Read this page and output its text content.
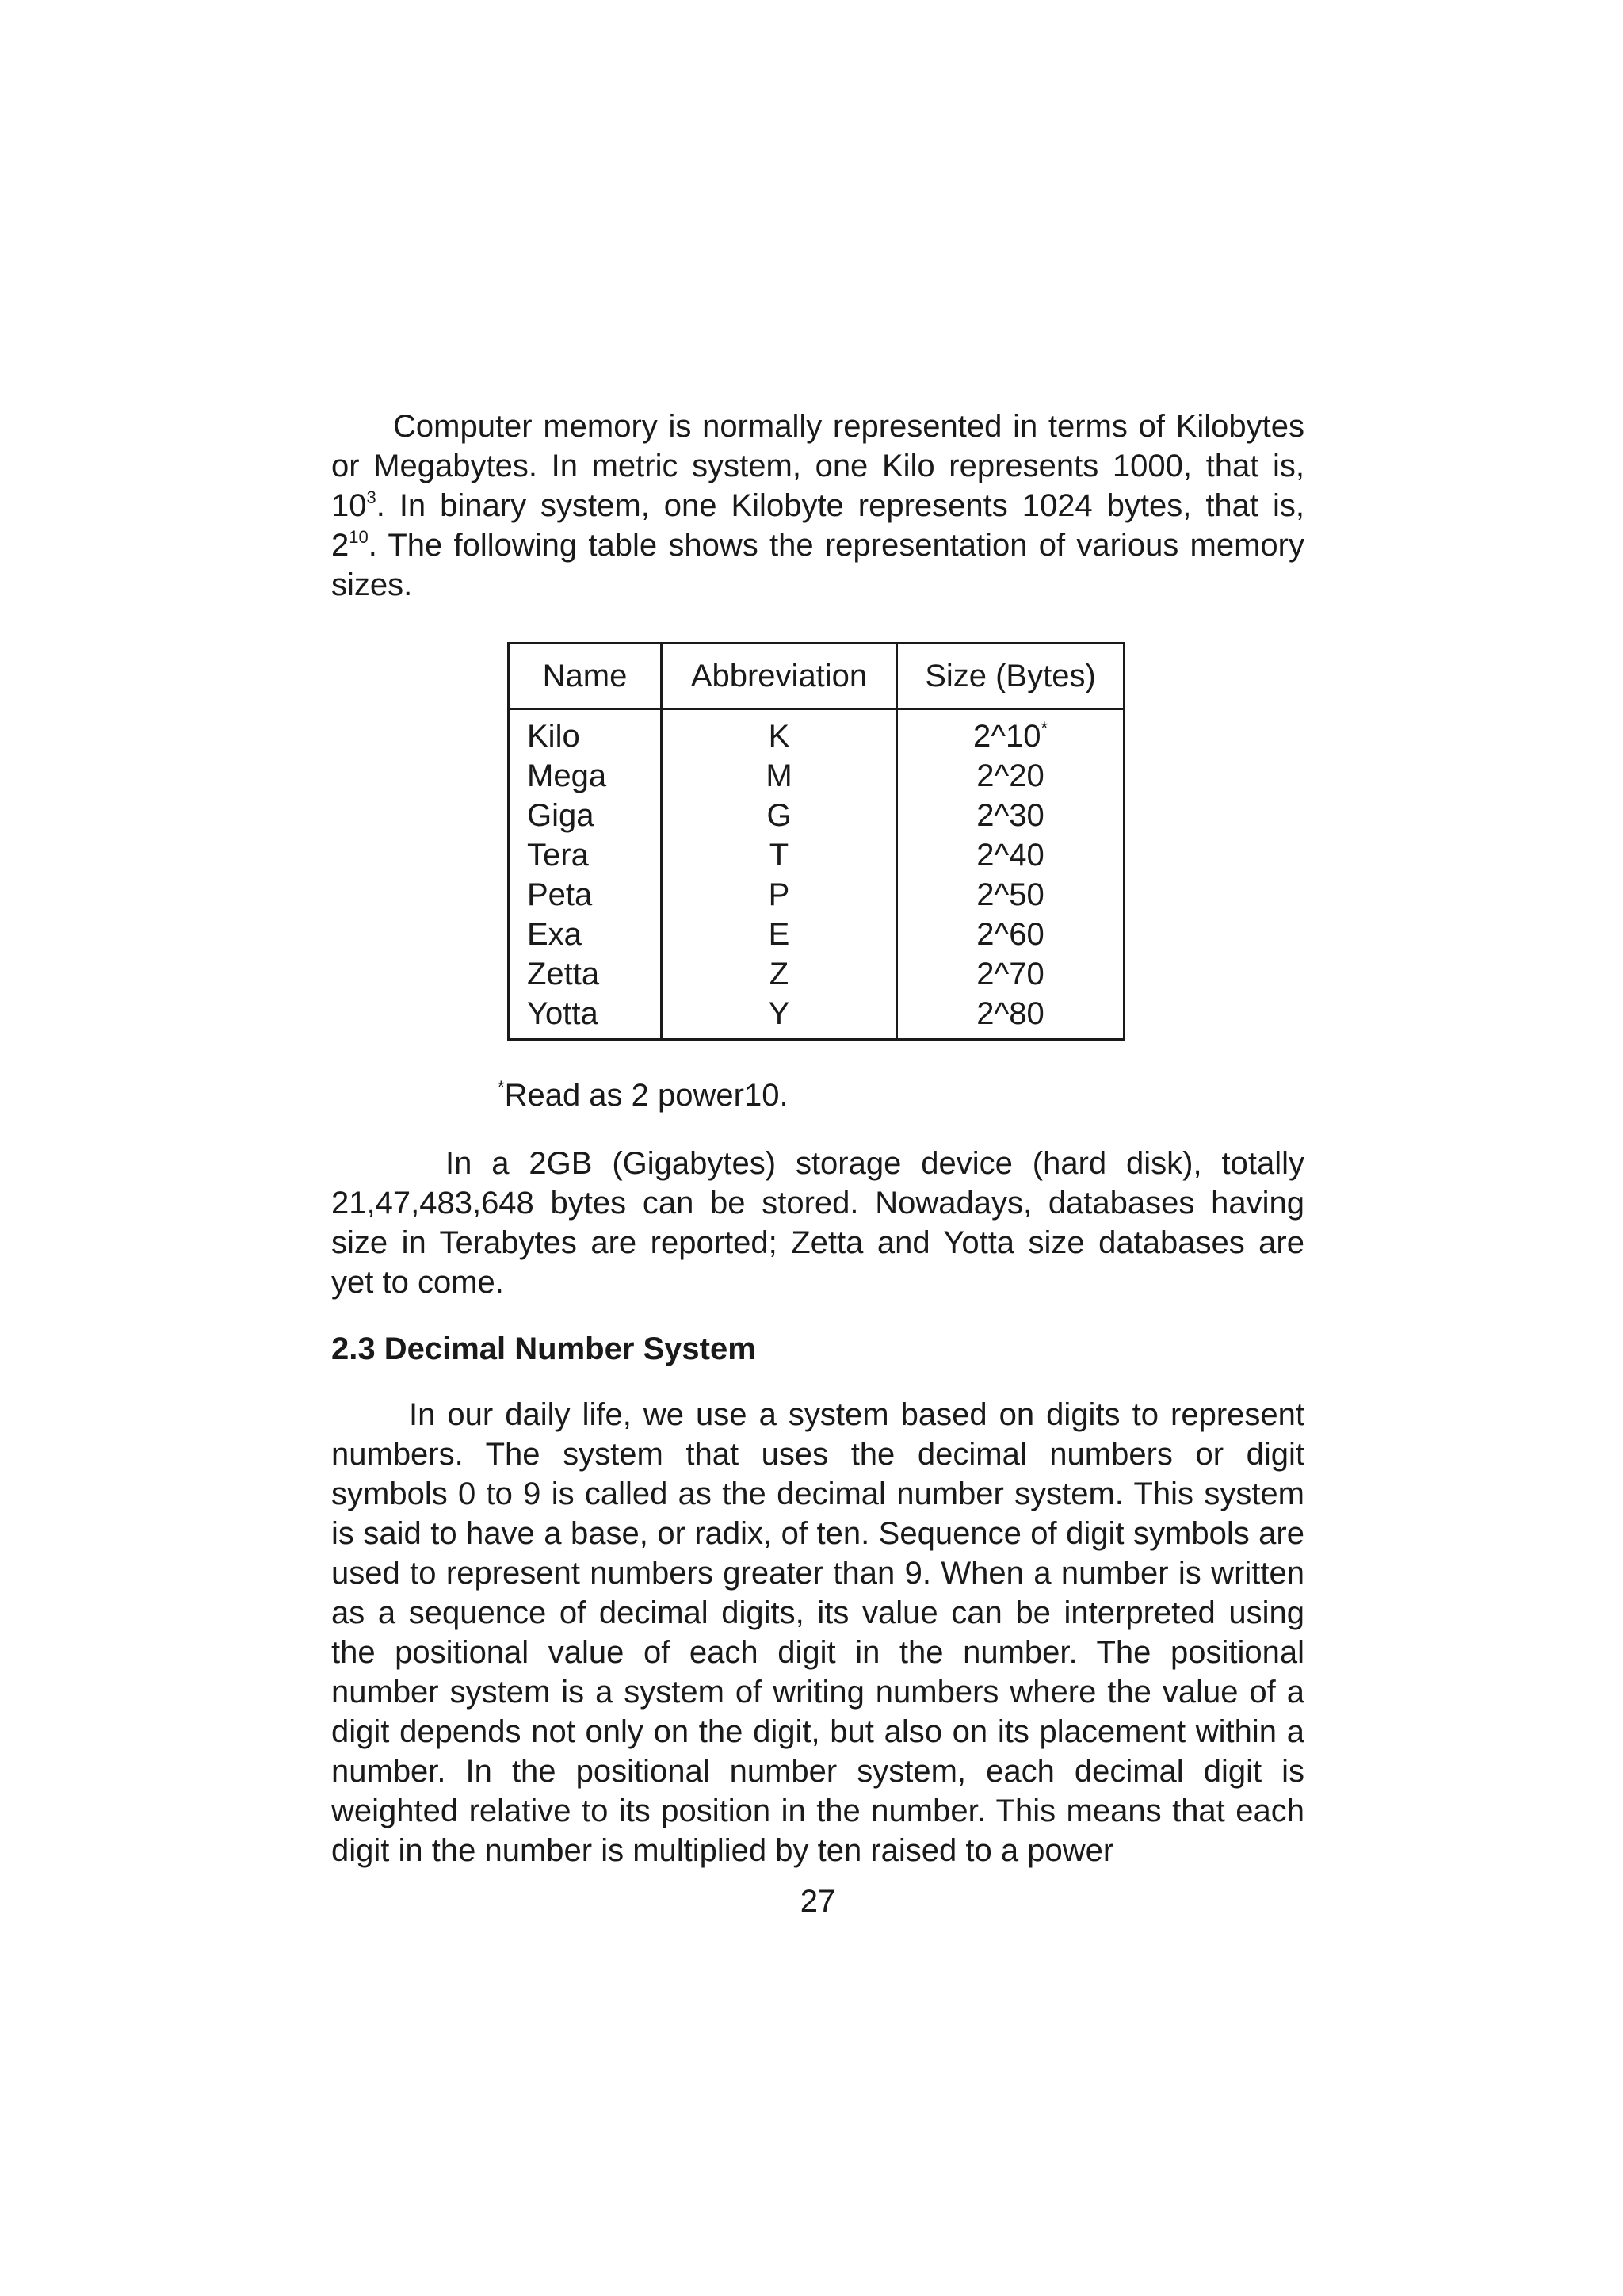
Computer memory is normally represented in terms of Kilobytes or Megabytes. In metric system, one Kilo represents 1000, that is, $10^3$. In binary system, one Kilobyte represents 1024 bytes, that is, $2^{10}$. The following table shows the representation of various memory sizes.

Name	Abbreviation	Size (Bytes)
Kilo	K	2^10*
Mega	M	2^20
Giga	G	2^30
Tera	T	2^40
Peta	P	2^50
Exa	E	2^60
Zetta	Z	2^70
Yotta	Y	2^80

*Read as 2 power10.

In a 2GB (Gigabytes) storage device (hard disk), totally 21,47,483,648 bytes can be stored. Nowadays, databases having size in Terabytes are reported; Zetta and Yotta size databases are yet to come.

2.3 Decimal Number System

In our daily life, we use a system based on digits to represent numbers. The system that uses the decimal numbers or digit symbols 0 to 9 is called as the decimal number system. This system is said to have a base, or radix, of ten. Sequence of digit symbols are used to represent numbers greater than 9. When a number is written as a sequence of decimal digits, its value can be interpreted using the positional value of each digit in the number. The positional number system is a system of writing numbers where the value of a digit depends not only on the digit, but also on its placement within a number. In the positional number system, each decimal digit is weighted relative to its position in the number. This means that each digit in the number is multiplied by ten raised to a power

27
